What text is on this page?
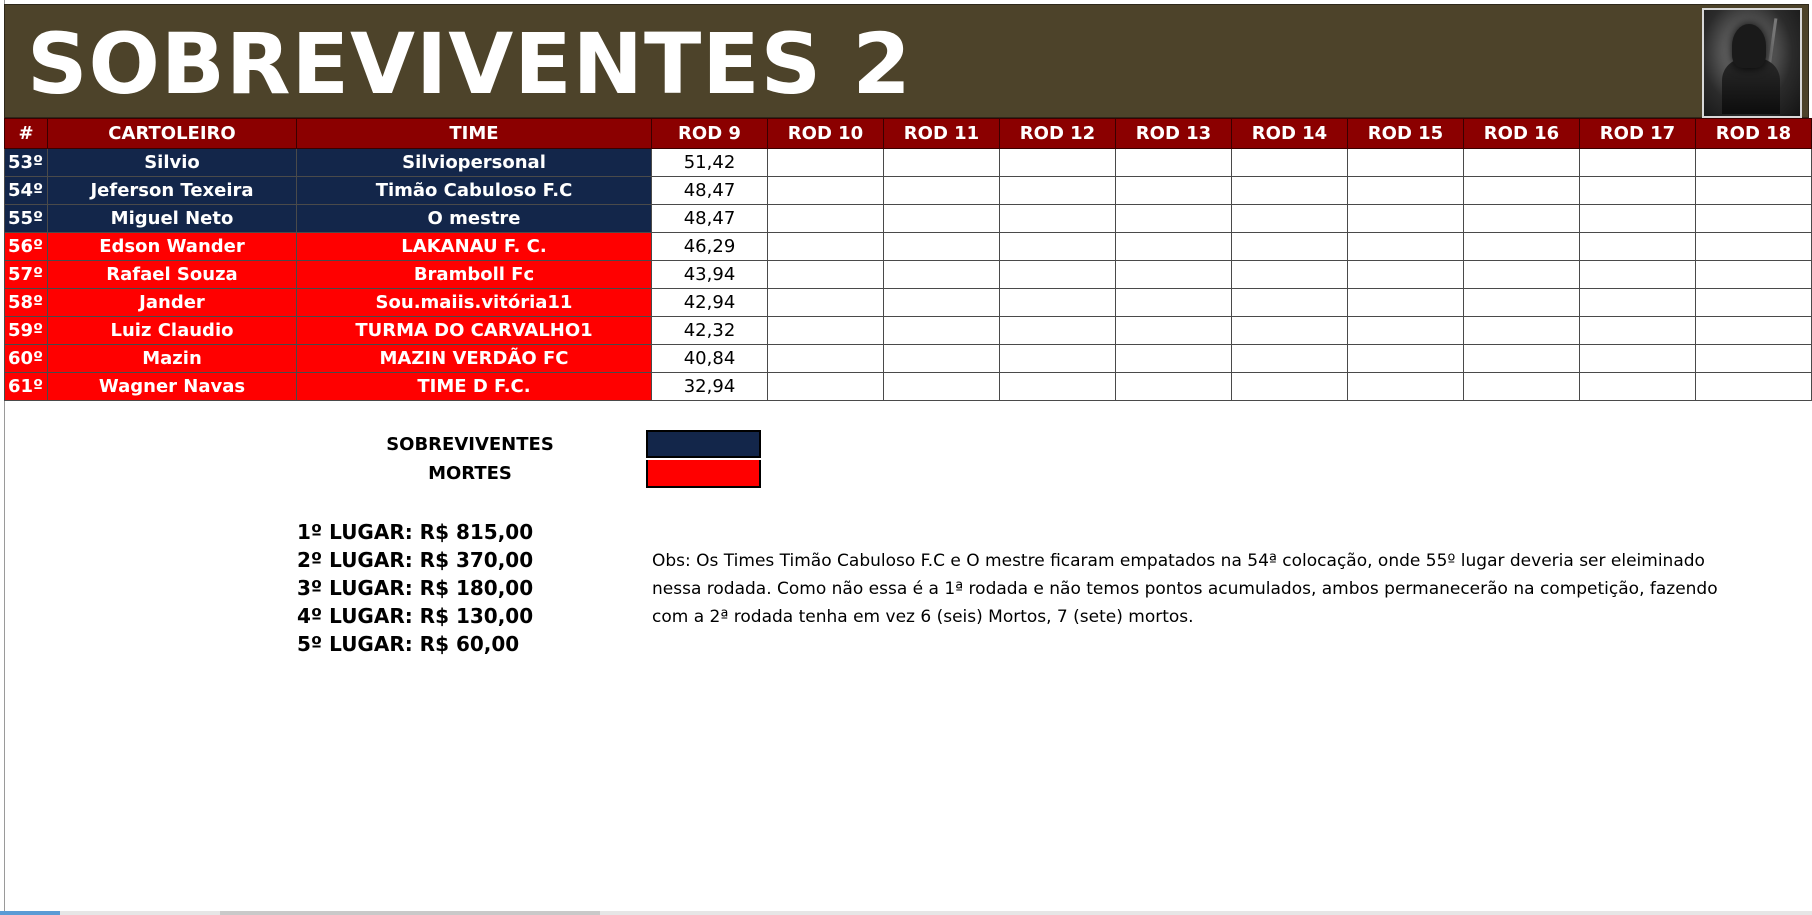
SOBREVIVENTES 2
#	CARTOLEIRO	TIME	ROD 9	ROD 10	ROD 11	ROD 12	ROD 13	ROD 14	ROD 15	ROD 16	ROD 17	ROD 18
53º	Silvio	Silviopersonal	51,42									
54º	Jeferson Texeira	Timão Cabuloso F.C	48,47									
55º	Miguel Neto	O mestre	48,47									
56º	Edson Wander	LAKANAU F. C.	46,29									
57º	Rafael Souza	Bramboll Fc	43,94									
58º	Jander	Sou.maiis.vitória11	42,94									
59º	Luiz Claudio	TURMA DO CARVALHO1	42,32									
60º	Mazin	MAZIN VERDÃO FC	40,84									
61º	Wagner Navas	TIME D F.C.	32,94									
SOBREVIVENTES
MORTES
1º LUGAR: R$ 815,00
2º LUGAR: R$ 370,00
3º LUGAR: R$ 180,00
4º LUGAR: R$ 130,00
5º LUGAR: R$ 60,00
Obs: Os Times Timão Cabuloso F.C e O mestre ficaram empatados na 54ª colocação, onde 55º lugar deveria ser eleiminado
nessa rodada. Como não essa é a 1ª rodada e não temos pontos acumulados, ambos permanecerão na competição, fazendo
com a 2ª rodada tenha em vez 6 (seis) Mortos, 7 (sete) mortos.
